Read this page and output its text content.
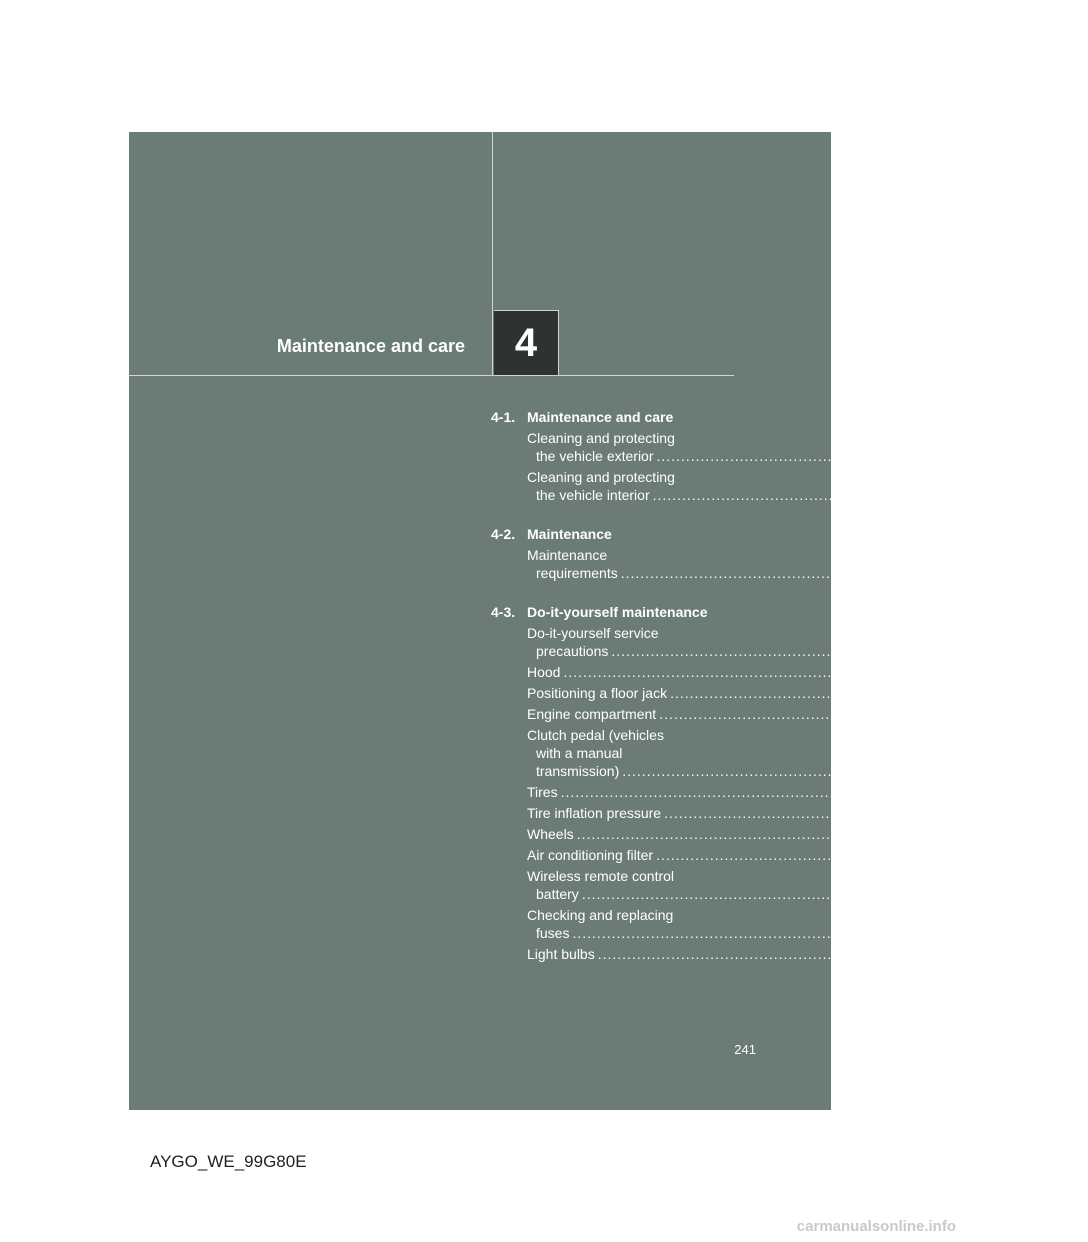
Maintenance and care 4
4-1. Maintenance and care
Cleaning and protecting
the vehicle exterior ................................................................................ 242
Cleaning and protecting
the vehicle interior ................................................................................ 245
4-2. Maintenance
Maintenance
requirements ................................................................................ 248
4-3. Do-it-yourself maintenance
Do-it-yourself service
precautions ................................................................................ 251
Hood ................................................................................ 254
Positioning a floor jack ................................................................................ 257
Engine compartment ................................................................................ 260
Clutch pedal (vehicles
with a manual
transmission) ................................................................................ 271
Tires ................................................................................ 272
Tire inflation pressure ................................................................................ 275
Wheels ................................................................................ 277
Air conditioning filter ................................................................................ 279
Wireless remote control
battery ................................................................................ 280
Checking and replacing
fuses ................................................................................ 282
Light bulbs ................................................................................ 292
241
AYGO_WE_99G80E
carmanualsonline.info
